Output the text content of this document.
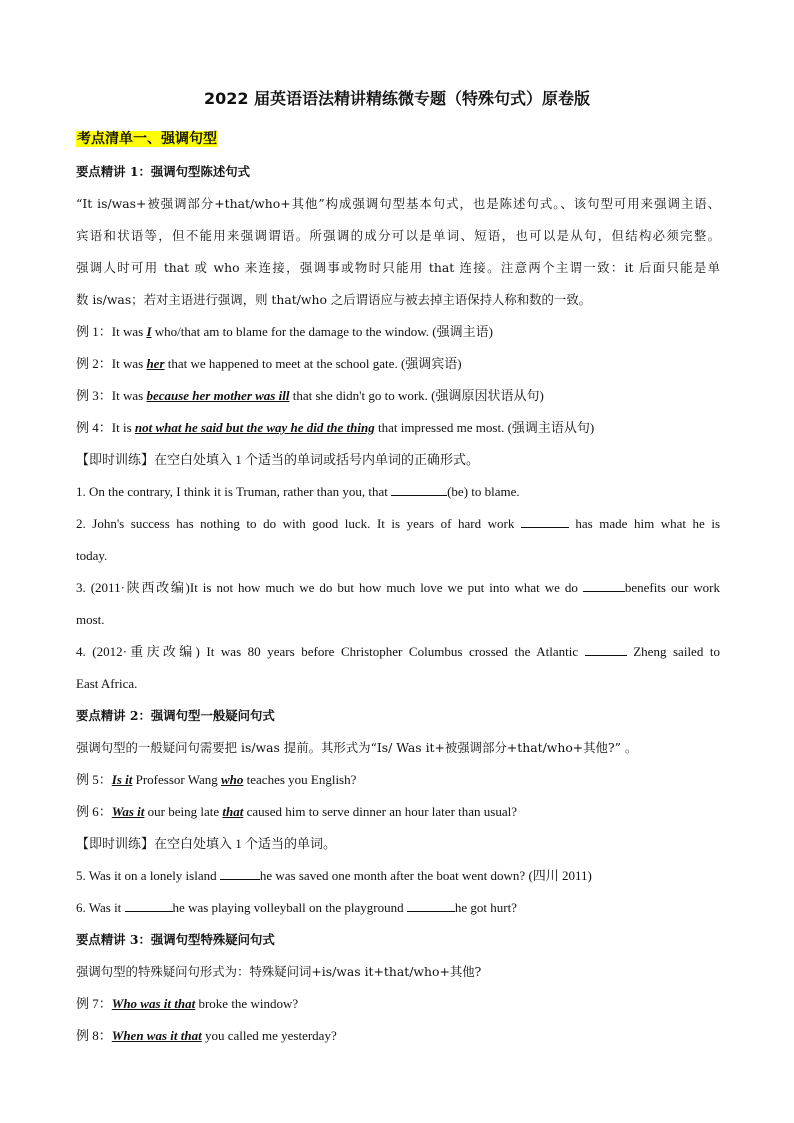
2022 届英语语法精讲精练微专题（特殊句式）原卷版
考点清单一、强调句型
要点精讲 1：强调句型陈述句式
“It is/was+被强调部分+that/who+其他”构成强调句型基本句式，也是陈述句式。、该句型可用来强调主语、
宾语和状语等，但不能用来强调谓语。所强调的成分可以是单词、短语，也可以是从句，但结构必须完整。
强调人时可用 that 或 who 来连接，强调事或物时只能用 that 连接。注意两个主谓一致：it 后面只能是单
数 is/was；若对主语进行强调，则 that/who 之后谓语应与被去掉主语保持人称和数的一致。
例 1：It was I who/that am to blame for the damage to the window. (强调主语)
例 2：It was her that we happened to meet at the school gate. (强调宾语)
例 3：It was because her mother was ill that she didn't go to work. (强调原因状语从句)
例 4：It is not what he said but the way he did the thing that impressed me most. (强调主语从句)
【即时训练】在空白处填入 1 个适当的单词或括号内单词的正确形式。
1. On the contrary, I think it is Truman, rather than you, that	(be) to blame.
2. John's success has nothing to do with good luck. It is years of hard work	has made him what he is
today.
3. (2011·陕西改编)It is not how much we do but how much love we put into what we do	benefits our work
most.
4. (2012·重庆改编) It was 80 years before Christopher Columbus crossed the Atlantic	Zheng sailed to
East Africa.
要点精讲 2：强调句型一般疑问句式
强调句型的一般疑问句需要把 is/was 提前。其形式为“Is/ Was it+被强调部分+that/who+其他?” 。
例 5：Is it Professor Wang who teaches you English?
例 6：Was it our being late that caused him to serve dinner an hour later than usual?
【即时训练】在空白处填入 1 个适当的单词。
5. Was it on a lonely island	he was saved one month after the boat went down? (四川 2011)
6. Was it	he was playing volleyball on the playground	he got hurt?
要点精讲 3：强调句型特殊疑问句式
强调句型的特殊疑问句形式为：特殊疑问词+is/was it+that/who+其他?
例 7：Who was it that broke the window?
例 8：When was it that you called me yesterday?
